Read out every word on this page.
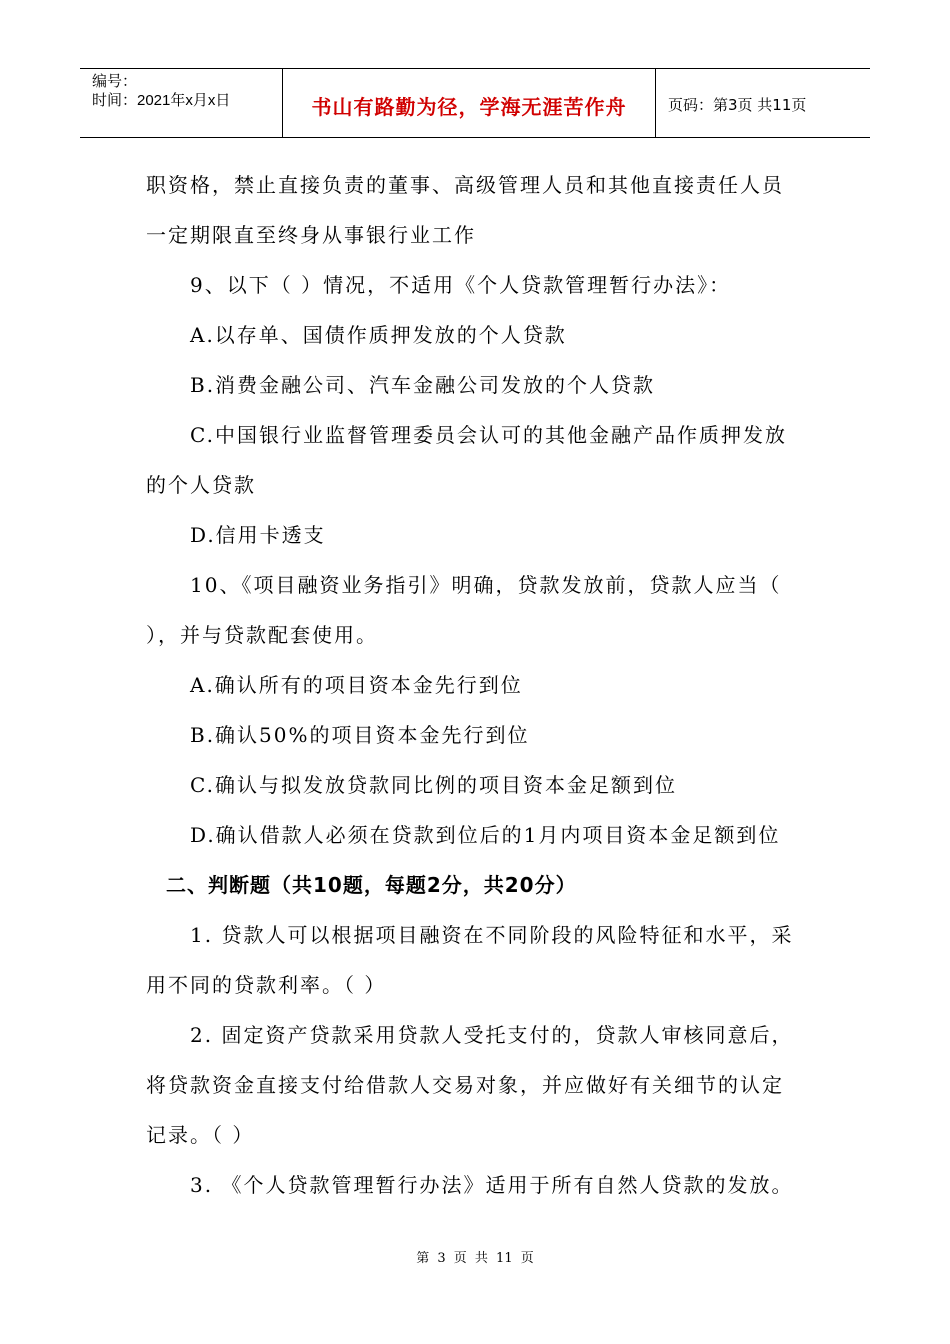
编号：
时间：2021年x月x日	书山有路勤为径，学海无涯苦作舟	页码：第3页 共11页

职资格，禁止直接负责的董事、高级管理人员和其他直接责任人员

一定期限直至终身从事银行业工作

9、以下（ ）情况，不适用《个人贷款管理暂行办法》：

A.以存单、国债作质押发放的个人贷款

B.消费金融公司、汽车金融公司发放的个人贷款

C.中国银行业监督管理委员会认可的其他金融产品作质押发放

的个人贷款

D.信用卡透支

10、《项目融资业务指引》明确，贷款发放前，贷款人应当（

），并与贷款配套使用。

A.确认所有的项目资本金先行到位

B.确认50%的项目资本金先行到位

C.确认与拟发放贷款同比例的项目资本金足额到位

D.确认借款人必须在贷款到位后的1月内项目资本金足额到位

二、判断题（共10题，每题2分，共20分）

1. 贷款人可以根据项目融资在不同阶段的风险特征和水平，采

用不同的贷款利率。（ ）

2. 固定资产贷款采用贷款人受托支付的，贷款人审核同意后，

将贷款资金直接支付给借款人交易对象，并应做好有关细节的认定

记录。（ ）

3. 《个人贷款管理暂行办法》适用于所有自然人贷款的发放。

第 3 页 共 11 页
